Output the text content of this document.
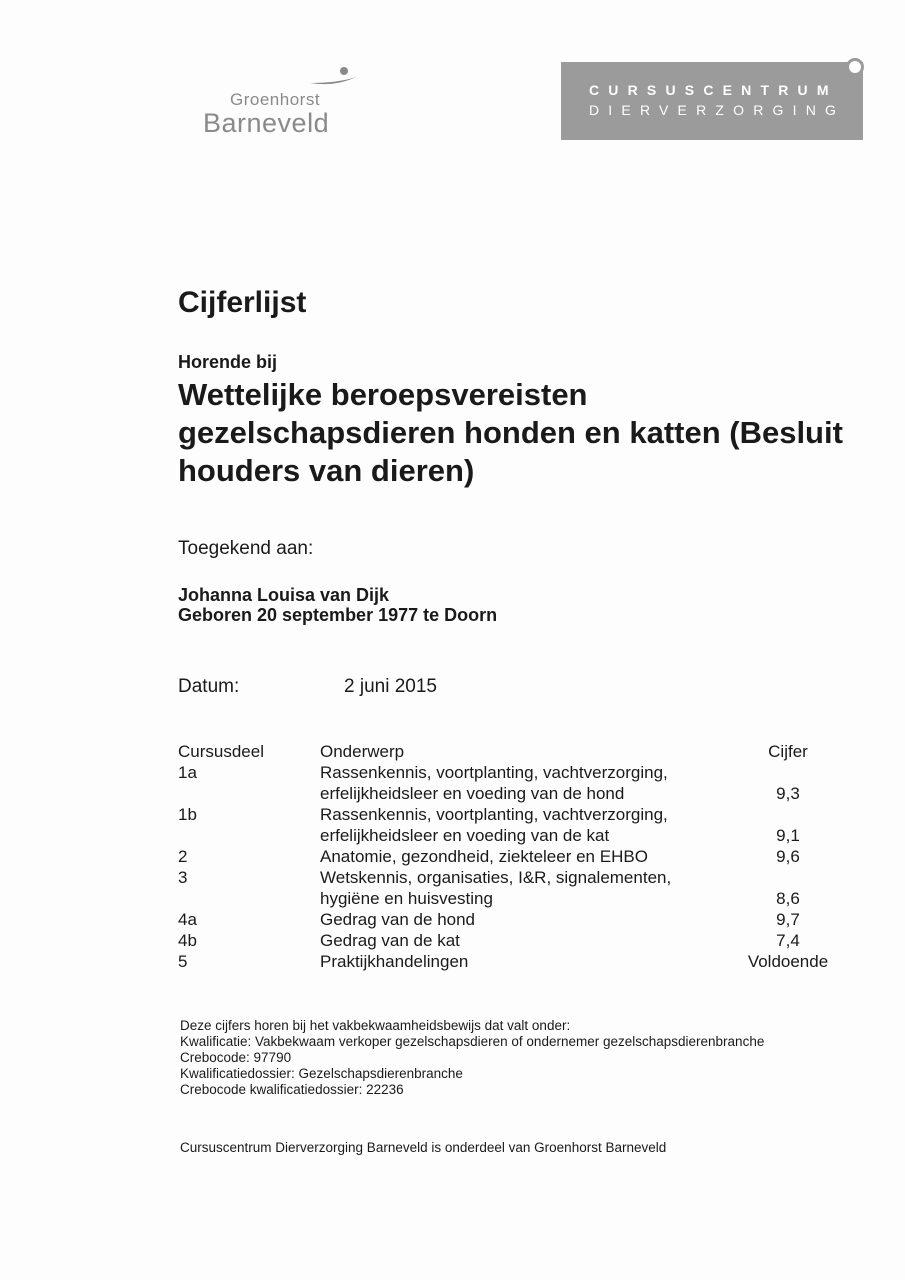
Groenhorst
Barneveld
CURSUSCENTRUM
DIERVERZORGING
Cijferlijst
Horende bij
Wettelijke beroepsvereisten gezelschapsdieren honden en katten (Besluit houders van dieren)
Toegekend aan:
Johanna Louisa van Dijk
Geboren 20 september 1977 te Doorn
Datum:	2 juni 2015
Cursusdeel	Onderwerp	Cijfer
1a	Rassenkennis, voortplanting, vachtverzorging,
erfelijkheidsleer en voeding van de hond	9,3
1b	Rassenkennis, voortplanting, vachtverzorging,
erfelijkheidsleer en voeding van de kat	9,1
2	Anatomie, gezondheid, ziekteleer en EHBO	9,6
3	Wetskennis, organisaties, I&R, signalementen,
hygiëne en huisvesting	8,6
4a	Gedrag van de hond	9,7
4b	Gedrag van de kat	7,4
5	Praktijkhandelingen	Voldoende
Deze cijfers horen bij het vakbekwaamheidsbewijs dat valt onder:
Kwalificatie: Vakbekwaam verkoper gezelschapsdieren of ondernemer gezelschapsdierenbranche
Crebocode: 97790
Kwalificatiedossier: Gezelschapsdierenbranche
Crebocode kwalificatiedossier: 22236
Cursuscentrum Dierverzorging Barneveld is onderdeel van Groenhorst Barneveld
